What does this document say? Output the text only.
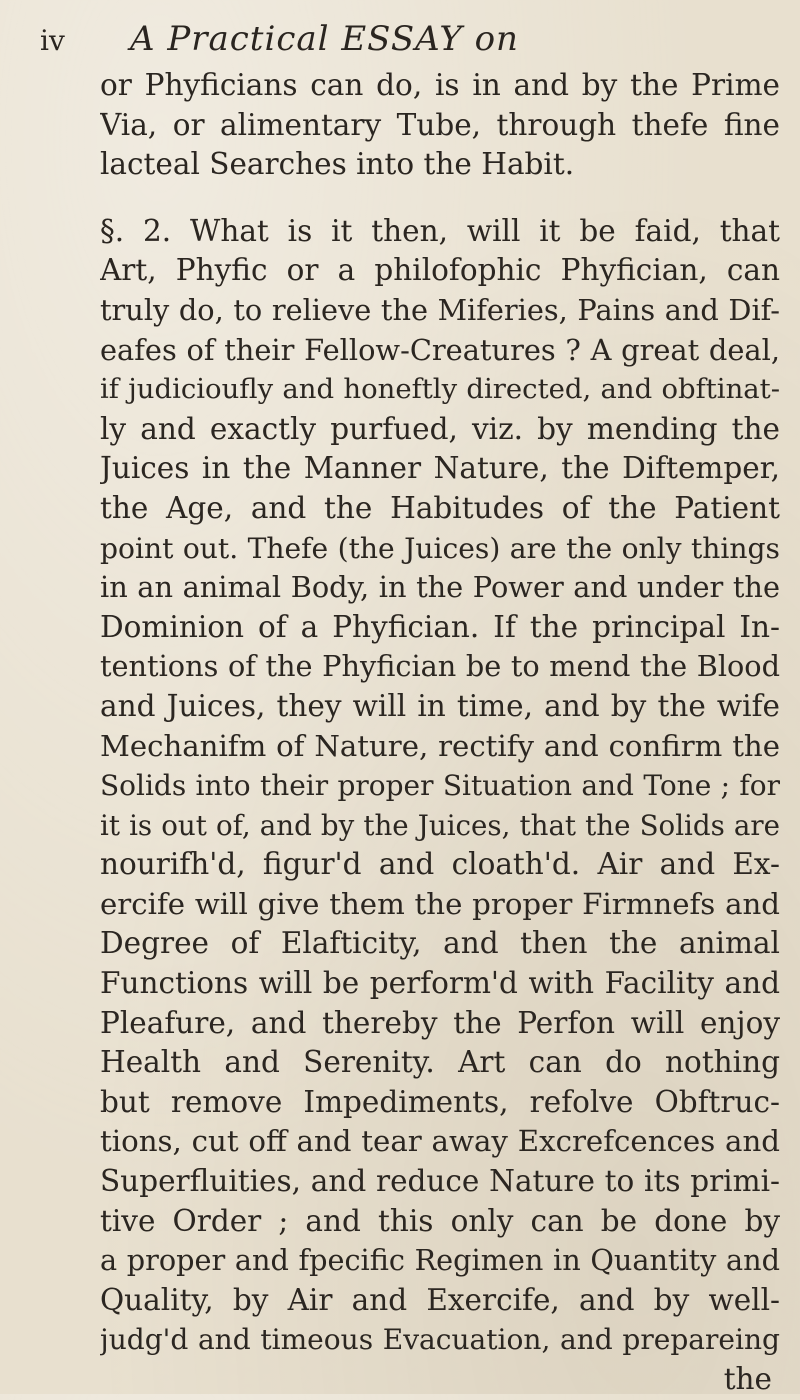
iv A Practical ESSAY on
or Phyficians can do, is in and by the Prime
Via, or alimentary Tube, through thefe fine
lacteal Searches into the Habit.
§. 2. What is it then, will it be faid, that
Art, Phyfic or a philofophic Phyfician, can
truly do, to relieve the Miferies, Pains and Dif-
eafes of their Fellow-Creatures ? A great deal,
if judicioufly and honeftly directed, and obftinat-
ly and exactly purfued, viz. by mending the
Juices in the Manner Nature, the Diftemper,
the Age, and the Habitudes of the Patient
point out. Thefe (the Juices) are the only things
in an animal Body, in the Power and under the
Dominion of a Phyfician. If the principal In-
tentions of the Phyfician be to mend the Blood
and Juices, they will in time, and by the wife
Mechanifm of Nature, rectify and confirm the
Solids into their proper Situation and Tone ; for
it is out of, and by the Juices, that the Solids are
nourifh'd, figur'd and cloath'd. Air and Ex-
ercife will give them the proper Firmnefs and
Degree of Elafticity, and then the animal
Functions will be perform'd with Facility and
Pleafure, and thereby the Perfon will enjoy
Health and Serenity. Art can do nothing
but remove Impediments, refolve Obftruc-
tions, cut off and tear away Excrefcences and
Superfluities, and reduce Nature to its primi-
tive Order ; and this only can be done by
a proper and fpecific Regimen in Quantity and
Quality, by Air and Exercife, and by well-
judg'd and timeous Evacuation, and prepareing
the
